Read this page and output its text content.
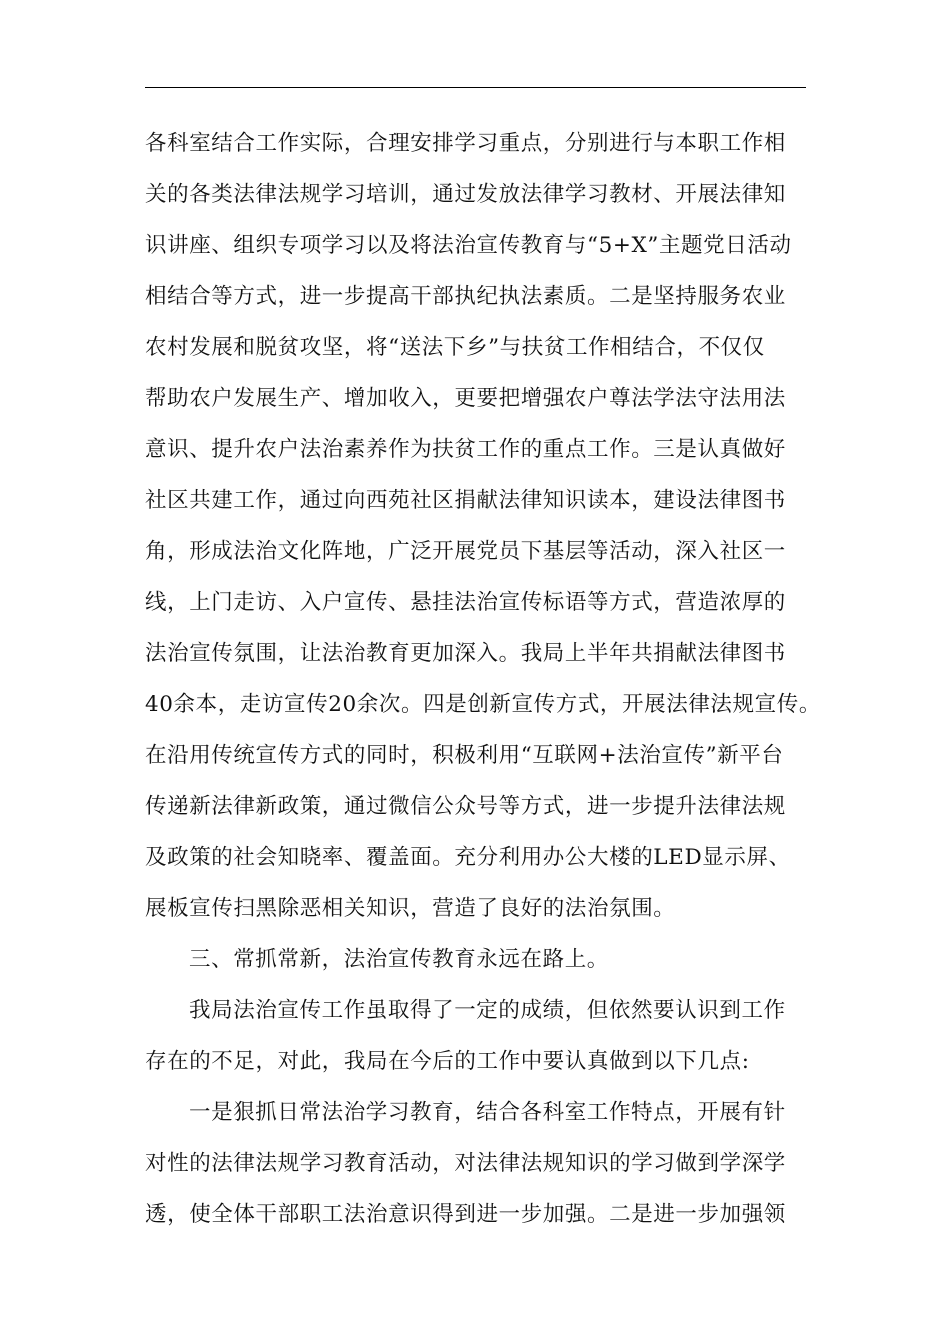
各科室结合工作实际，合理安排学习重点，分别进行与本职工作相
关的各类法律法规学习培训，通过发放法律学习教材、开展法律知
识讲座、组织专项学习以及将法治宣传教育与“5+X”主题党日活动
相结合等方式，进一步提高干部执纪执法素质。二是坚持服务农业
农村发展和脱贫攻坚，将“送法下乡”与扶贫工作相结合，不仅仅
帮助农户发展生产、增加收入，更要把增强农户尊法学法守法用法
意识、提升农户法治素养作为扶贫工作的重点工作。三是认真做好
社区共建工作，通过向西苑社区捐献法律知识读本，建设法律图书
角，形成法治文化阵地，广泛开展党员下基层等活动，深入社区一
线，上门走访、入户宣传、悬挂法治宣传标语等方式，营造浓厚的
法治宣传氛围，让法治教育更加深入。我局上半年共捐献法律图书
40余本，走访宣传20余次。四是创新宣传方式，开展法律法规宣传。
在沿用传统宣传方式的同时，积极利用“互联网+法治宣传”新平台
传递新法律新政策，通过微信公众号等方式，进一步提升法律法规
及政策的社会知晓率、覆盖面。充分利用办公大楼的LED显示屏、
展板宣传扫黑除恶相关知识，营造了良好的法治氛围。
三、常抓常新，法治宣传教育永远在路上。
我局法治宣传工作虽取得了一定的成绩，但依然要认识到工作
存在的不足，对此，我局在今后的工作中要认真做到以下几点:
一是狠抓日常法治学习教育，结合各科室工作特点，开展有针
对性的法律法规学习教育活动，对法律法规知识的学习做到学深学
透，使全体干部职工法治意识得到进一步加强。二是进一步加强领
